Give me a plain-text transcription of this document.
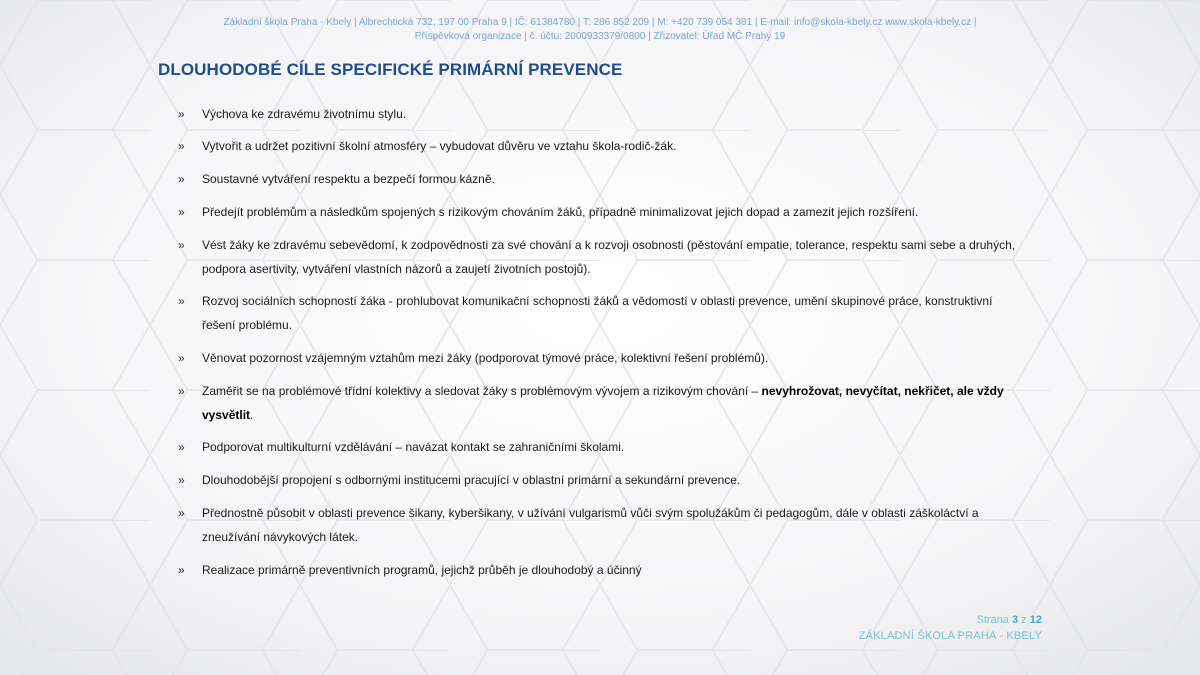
Základní škola Praha - Kbely | Albrechtická 732, 197 00 Praha 9 | IČ: 61384780 | T: 286 852 209 | M: +420 739 054 381 | E-mail: info@skola-kbely.cz www.skola-kbely.cz |
Příspěvková organizace | č. účtu: 2000933379/0800 | Zřizovatel: Úřad MČ Prahy 19
DLOUHODOBÉ CÍLE SPECIFICKÉ PRIMÁRNÍ PREVENCE
»	Výchova ke zdravému životnímu stylu.
»	Vytvořit a udržet pozitivní školní atmosféry – vybudovat důvěru ve vztahu škola-rodič-žák.
»	Soustavné vytváření respektu a bezpečí formou kázně.
»	Předejít problémům a následkům spojených s rizikovým chováním žáků, případně minimalizovat jejich dopad a zamezit jejich rozšíření.
»	Vést žáky ke zdravému sebevědomí, k zodpovědnosti za své chování a k rozvoji osobnosti (pěstování empatie, tolerance, respektu sami sebe a druhých, podpora asertivity, vytváření vlastních názorů a zaujetí životních postojů).
»	Rozvoj sociálních schopností žáka - prohlubovat komunikační schopnosti žáků a vědomostí v oblasti prevence, umění skupinové práce, konstruktivní řešení problému.
»	Věnovat pozornost vzájemným vztahům mezi žáky (podporovat týmové práce, kolektivní řešení problémů).
»	Zaměřit se na problémové třídní kolektivy a sledovat žáky s problémovým vývojem a rizikovým chování – nevyhrožovat, nevyčítat, nekřičet, ale vždy vysvětlit.
»	Podporovat multikulturní vzdělávání – navázat kontakt se zahraničními školami.
»	Dlouhodobější propojení s odbornými institucemi pracující v oblastní primární a sekundární prevence.
»	Přednostně působit v oblasti prevence šikany, kyberšikany, v užívání vulgarismů vůči svým spolužákům či pedagogům, dále v oblasti záškoláctví a zneužívání návykových látek.
»	Realizace primárně preventivních programů, jejichž průběh je dlouhodobý a účinný
Strana 3 z 12
ZÁKLADNÍ ŠKOLA PRAHA - KBELY
